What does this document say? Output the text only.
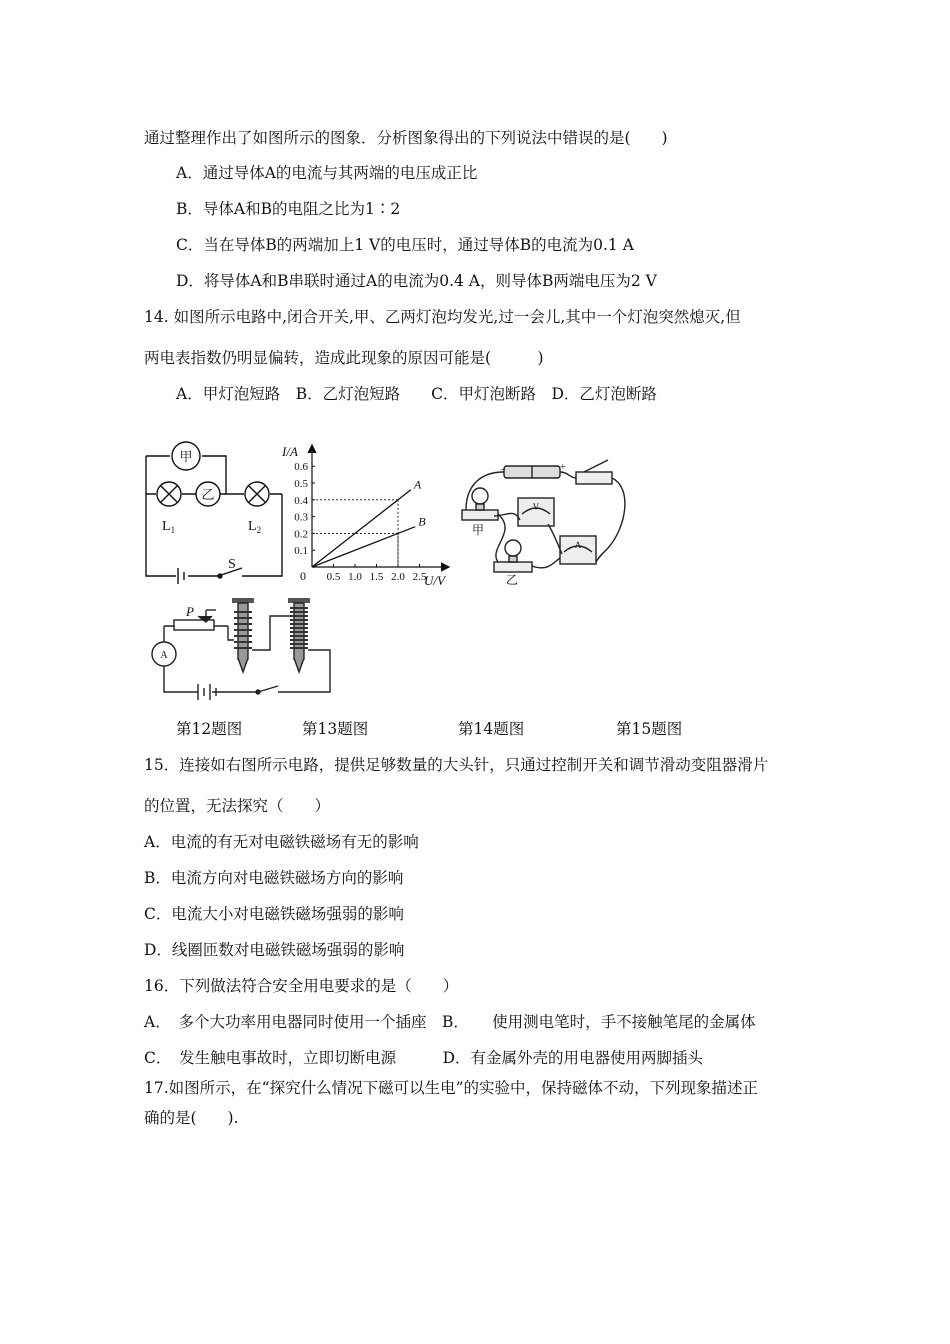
通过整理作出了如图所示的图象．分析图象得出的下列说法中错误的是(　　)
A．通过导体A的电流与其两端的电压成正比
B．导体A和B的电阻之比为1∶2
C．当在导体B的两端加上1 V的电压时，通过导体B的电流为0.1 A
D．将导体A和B串联时通过A的电流为0.4 A，则导体B两端电压为2 V
14. 如图所示电路中,闭合开关,甲、乙两灯泡均发光,过一会儿,其中一个灯泡突然熄灭,但
两电表指数仍明显偏转，造成此现象的原因可能是(　　　)
A．甲灯泡短路　B．乙灯泡短路　　C．甲灯泡断路　D．乙灯泡断路
甲
乙
$L_1$	$L_2$
S
0.5 1.0 1.5 2.0 2.5
0.1
0.2
0.3
0.4
0.5
0.6
A
B
I/A
U/V
0
−	+
V
A
甲
乙
P
A
第12题图	第13题图	第14题图	第15题图
15．连接如右图所示电路，提供足够数量的大头针，只通过控制开关和调节滑动变阻器滑片
的位置，无法探究（　　）
A．电流的有无对电磁铁磁场有无的影响
B．电流方向对电磁铁磁场方向的影响
C．电流大小对电磁铁磁场强弱的影响
D．线圈匝数对电磁铁磁场强弱的影响
16．下列做法符合安全用电要求的是（　　）
A．　多个大功率用电器同时使用一个插座　B．　　使用测电笔时，手不接触笔尾的金属体
C．　发生触电事故时，立即切断电源　　　D．有金属外壳的用电器使用两脚插头
17.如图所示，在“探究什么情况下磁可以生电”的实验中，保持磁体不动，下列现象描述正
确的是(　　).
